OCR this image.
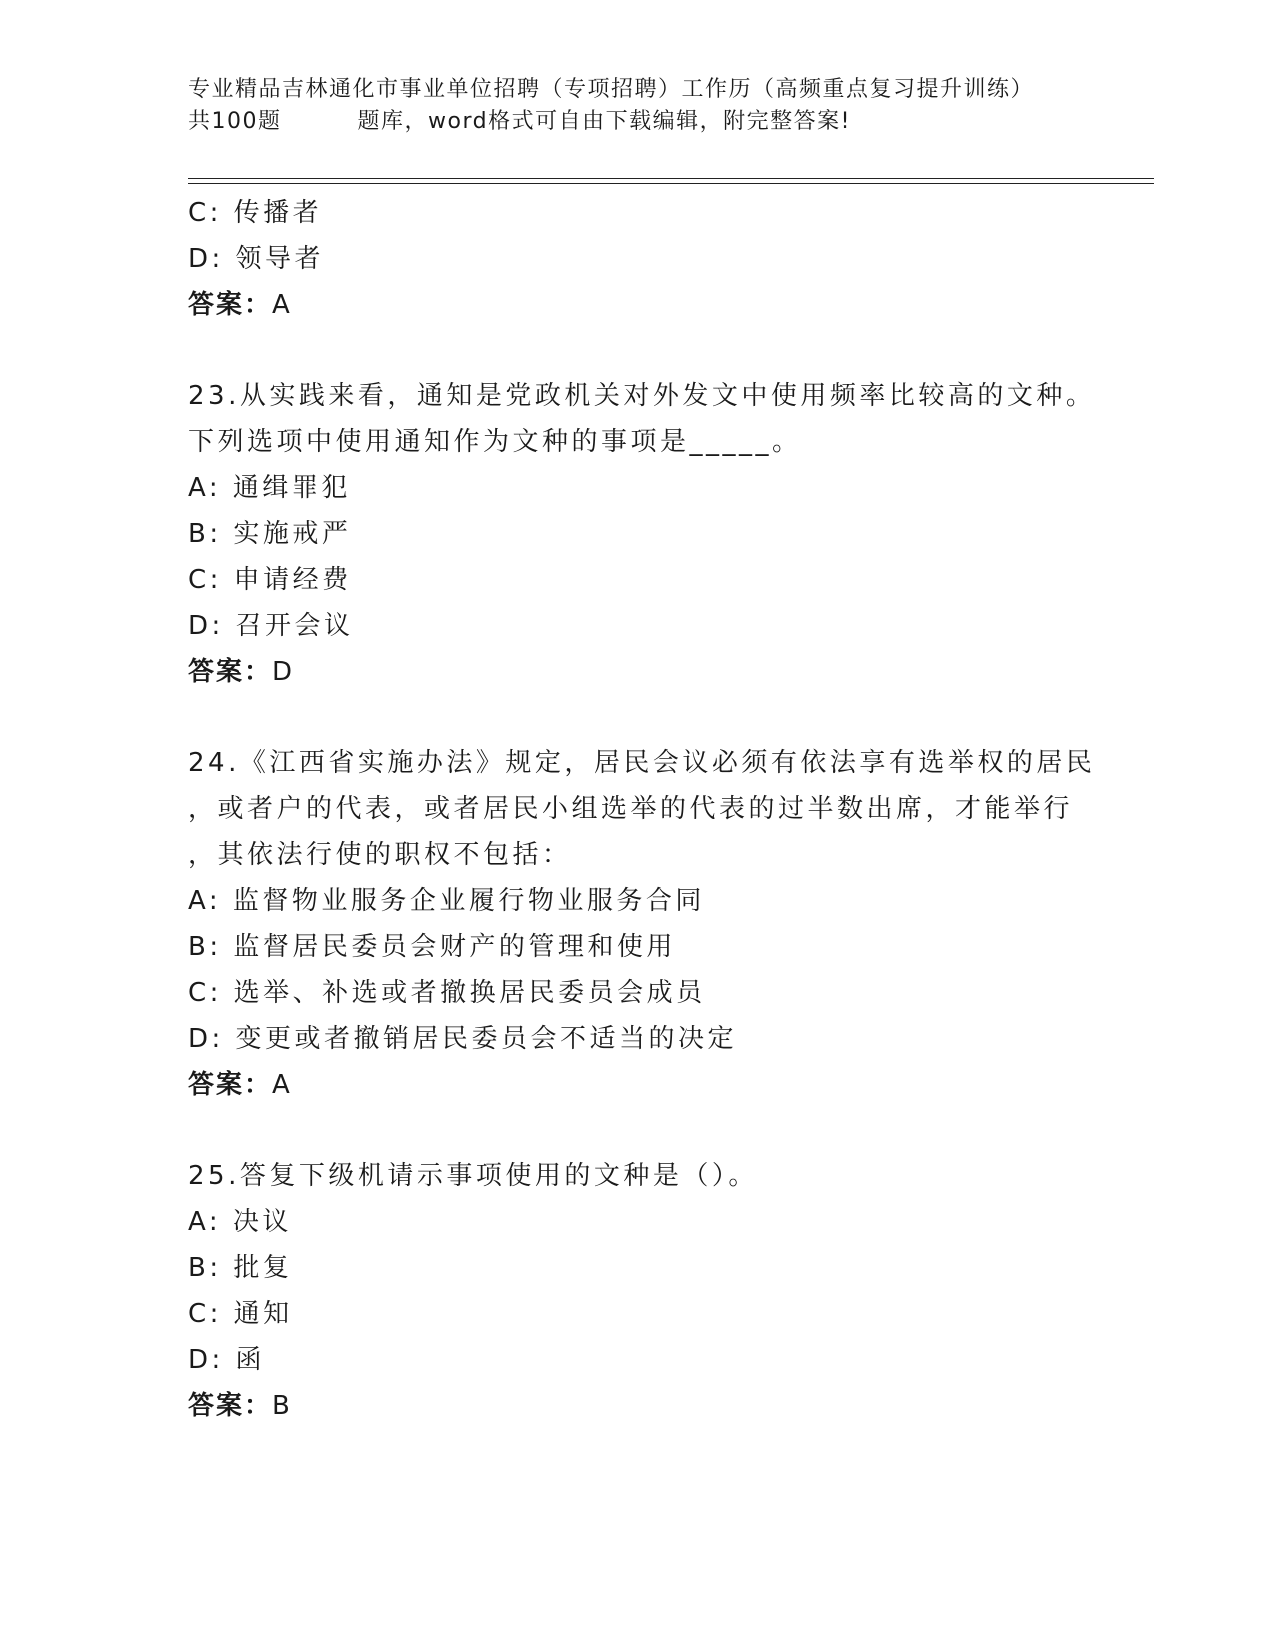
专业精品吉林通化市事业单位招聘（专项招聘）工作历（高频重点复习提升训练）
共100题	题库，word格式可自由下载编辑，附完整答案!
C: 传播者
D: 领导者
答案：A
23.从实践来看，通知是党政机关对外发文中使用频率比较高的文种。
下列选项中使用通知作为文种的事项是_____。
A: 通缉罪犯
B: 实施戒严
C: 申请经费
D: 召开会议
答案：D
24.《江西省实施办法》规定，居民会议必须有依法享有选举权的居民
，或者户的代表，或者居民小组选举的代表的过半数出席，才能举行
，其依法行使的职权不包括：
A: 监督物业服务企业履行物业服务合同
B: 监督居民委员会财产的管理和使用
C: 选举、补选或者撤换居民委员会成员
D: 变更或者撤销居民委员会不适当的决定
答案：A
25.答复下级机请示事项使用的文种是（）。
A: 决议
B: 批复
C: 通知
D: 函
答案：B
